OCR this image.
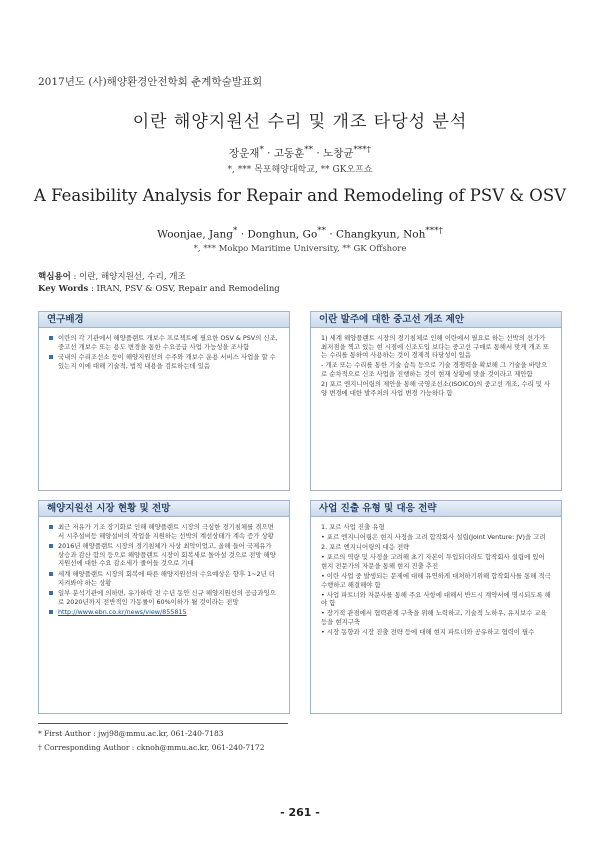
2017년도 (사)해양환경안전학회 춘계학술발표회
이란 해양지원선 수리 및 개조 타당성 분석
장운재* · 고동훈** · 노창균***†
*, *** 목포해양대학교, ** GK오프쇼
A Feasibility Analysis for Repair and Remodeling of PSV & OSV
Woonjae, Jang* · Donghun, Go** · Changkyun, Noh***†
*, *** Mokpo Maritime University, ** GK Offshore
핵심용어 : 이란, 해양지원선, 수리, 개조
Key Words : IRAN, PSV & OSV, Repair and Remodeling
연구배경
이란의 각 기관에서 해양플랜트 개보수 프로젝트에 필요한 OSV & PSV의 신조, 중고선 개보수 또는 용도 변경을 통한 수요공급 사업 가능성을 조사함
국내의 수리조선소 등이 해양지원선의 수주와 개보수 운용 서비스 사업을 할 수 있는지 이에 대해 기술적, 법적 내용을 검토하는데 있음
이란 발주에 대한 중고선 개조 제안
1) 세계 해양플랜트 시장의 경기침체로 인해 이란에서 필요로 하는 선박의 선가가 최저점을 찍고 있는 현 시점에 신조도입 보다는 중고선 구매로 통해서 맞게 개조 또는 수리를 통하여 사용하는 것이 경제적 타당성이 있음
- 개조 또는 수리를 통한 기술 습득 등으로 기술 경쟁력을 확보해 그 기술을 바탕으로 순차적으로 신조 사업을 진행하는 것이 현재 상황에 맞을 것이라고 제안함
2) 포르 엔지니어링의 제안을 통해 국영조선소(ISOICO)의 중고선 개조, 수리 및 사양 변경에 대한 발주처의 사업 변경 가능하다 함
해양지원선 시장 현황 및 전망
최근 저유가 기조 장기화로 인해 해양플랜트 시장의 극심한 경기침체를 겪으면서 시추설비등 해양설비의 작업을 지원하는 선박의 계선상태가 계속 증가 상황
2016년 해양플랜트 시장의 경기침체가 사상 최악이었고, 올해 들어 국제유가 상승과 감산 합의 등으로 해양플랜트 시장이 회복세로 돌아설 것으로 전망 해양지원선에 대한 수요 감소세가 줄어들 것으로 기대
세계 해양플랜트 시장의 회복에 따른 해양지원선의 수요예상은 향후 1~2년 더 지켜봐야 하는 상황
일부 분석기관에 의하면, 유가하락 전 수년 동안 신규 해양지원선의 공급과잉으로 2020년까지 전반적인 가동률이 60%이하가 될 것이라는 전망
http://www.ebn.co.kr/news/view/855815
사업 진출 유형 및 대응 전략
1. 포르 사업 진출 유형
• 포르 엔지니어링은 현지 사정을 고려 합작회사 설립(Joint Venture: JV)을 고려
2. 포르 엔지니어링의 대응 전략
• 포르의 역량 및 사정을 고려해 초기 자본이 투입되더라도 합작회사 설립에 있어 현지 전문가의 자문을 통해 현지 진출 추진
• 이란 사업 중 발생되는 문제에 대해 유연하게 대처하기위해 합작회사를 통해 적극 수행하고 해결해야 함
• 사업 파트너와 자문사를 통해 주요 사항에 대해서 반드시 계약서에 명시되도록 해야 함
• 장기적 관점에서 협력관계 구축을 위해 노력하고, 기술적 노하우, 유지보수 교육 등을 현지구축
• 시장 동향과 시장 진출 전략 등에 대해 현지 파트너와 공유하고 협력이 필수
* First Author : jwj98@mmu.ac.kr, 061-240-7183
† Corresponding Author : cknoh@mmu.ac.kr, 061-240-7172
- 261 -
